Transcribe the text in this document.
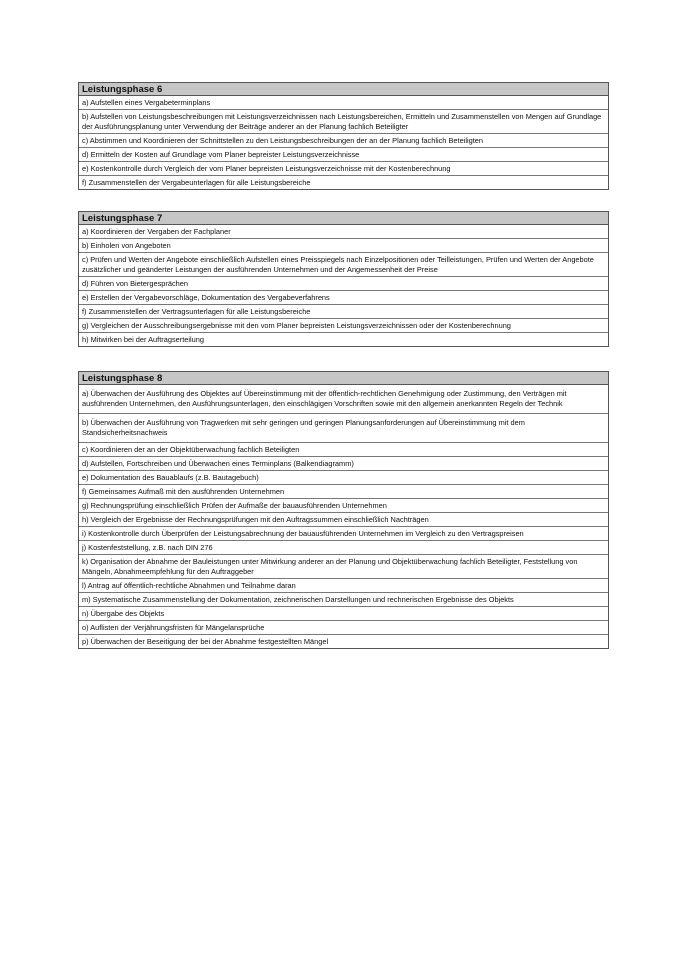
Leistungsphase 6
a) Aufstellen eines Vergabeterminplans
b) Aufstellen von Leistungsbeschreibungen mit Leistungsverzeichnissen nach Leistungsbereichen, Ermitteln und Zusammenstellen von Mengen auf Grundlage der Ausführungsplanung unter Verwendung der Beiträge anderer an der Planung fachlich Beteiligter
c) Abstimmen und Koordinieren der Schnittstellen zu den Leistungsbeschreibungen der an der Planung fachlich Beteiligten
d) Ermitteln der Kosten auf Grundlage vom Planer bepreister Leistungsverzeichnisse
e) Kostenkontrolle durch Vergleich der vom Planer bepreisten Leistungsverzeichnisse mit der Kostenberechnung
f) Zusammenstellen der Vergabeunterlagen für alle Leistungsbereiche
Leistungsphase 7
a) Koordinieren der Vergaben der Fachplaner
b) Einholen von Angeboten
c) Prüfen und Werten der Angebote einschließlich Aufstellen eines Preisspiegels nach Einzelpositionen oder Teilleistungen, Prüfen und Werten der Angebote zusätzlicher und geänderter Leistungen der ausführenden Unternehmen und der Angemessenheit der Preise
d) Führen von Bietergesprächen
e) Erstellen der Vergabevorschläge, Dokumentation des Vergabeverfahrens
f) Zusammenstellen der Vertragsunterlagen für alle Leistungsbereiche
g) Vergleichen der Ausschreibungsergebnisse mit den vom Planer bepreisten Leistungsverzeichnissen oder der Kostenberechnung
h) Mitwirken bei der Auftragserteilung
Leistungsphase 8
a) Überwachen der Ausführung des Objektes auf Übereinstimmung mit der öffentlich-rechtlichen Genehmigung oder Zustimmung, den Verträgen mit ausführenden Unternehmen, den Ausführungsunterlagen, den einschlägigen Vorschriften sowie mit den allgemein anerkannten Regeln der Technik
b) Überwachen der Ausführung von Tragwerken mit sehr geringen und geringen Planungsanforderungen auf Übereinstimmung mit dem Standsicherheitsnachweis
c) Koordinieren der an der Objektüberwachung fachlich Beteiligten
d) Aufstellen, Fortschreiben und Überwachen eines Terminplans (Balkendiagramm)
e) Dokumentation des Bauablaufs (z.B. Bautagebuch)
f) Gemeinsames Aufmaß mit den ausführenden Unternehmen
g) Rechnungsprüfung einschließlich Prüfen der Aufmaße der bauausführenden Unternehmen
h) Vergleich der Ergebnisse der Rechnungsprüfungen mit den Auftragssummen einschließlich Nachträgen
i) Kostenkontrolle durch Überprüfen der Leistungsabrechnung der bauausführenden Unternehmen im Vergleich zu den Vertragspreisen
j) Kostenfeststellung, z.B. nach DIN 276
k) Organisation der Abnahme der Bauleistungen unter Mitwirkung anderer an der Planung und Objektüberwachung fachlich Beteiligter, Feststellung von Mängeln, Abnahmeempfehlung für den Auftraggeber
l) Antrag auf öffentlich-rechtliche Abnahmen und Teilnahme daran
m) Systematische Zusammenstellung der Dokumentation, zeichnerischen Darstellungen und rechnerischen Ergebnisse des Objekts
n) Übergabe des Objekts
o) Auflisten der Verjährungsfristen für Mängelansprüche
p) Überwachen der Beseitigung der bei der Abnahme festgestellten Mängel
